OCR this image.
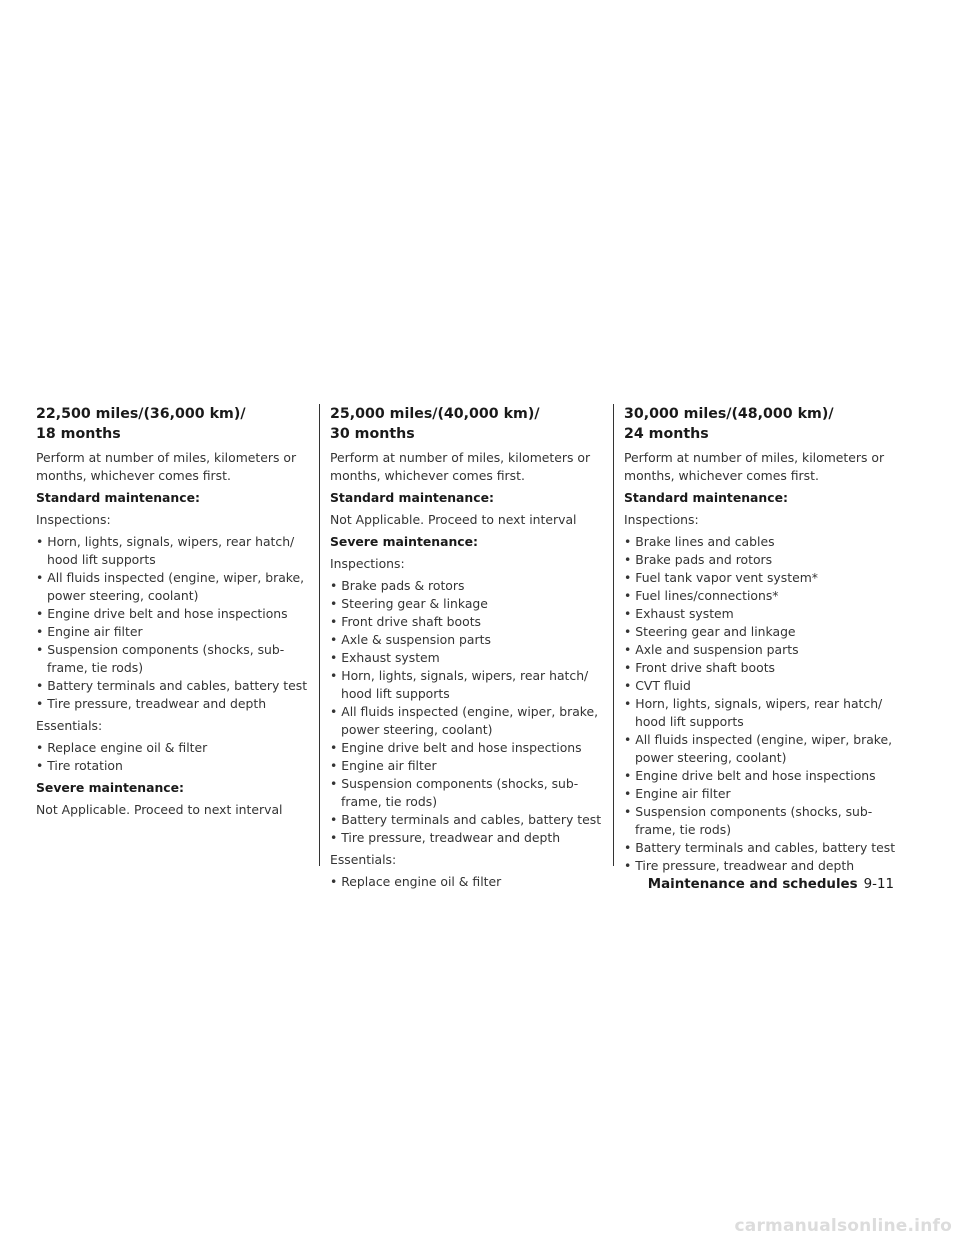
22,500 miles/(36,000 km)/
18 months

Perform at number of miles, kilometers or months, whichever comes first.

Standard maintenance:

Inspections:

• Horn, lights, signals, wipers, rear hatch/ hood lift supports
• All fluids inspected (engine, wiper, brake, power steering, coolant)
• Engine drive belt and hose inspections
• Engine air filter
• Suspension components (shocks, sub-frame, tie rods)
• Battery terminals and cables, battery test
• Tire pressure, treadwear and depth

Essentials:

• Replace engine oil & filter
• Tire rotation

Severe maintenance:

Not Applicable. Proceed to next interval

25,000 miles/(40,000 km)/
30 months

Perform at number of miles, kilometers or months, whichever comes first.

Standard maintenance:

Not Applicable. Proceed to next interval

Severe maintenance:

Inspections:

• Brake pads & rotors
• Steering gear & linkage
• Front drive shaft boots
• Axle & suspension parts
• Exhaust system
• Horn, lights, signals, wipers, rear hatch/ hood lift supports
• All fluids inspected (engine, wiper, brake, power steering, coolant)
• Engine drive belt and hose inspections
• Engine air filter
• Suspension components (shocks, sub-frame, tie rods)
• Battery terminals and cables, battery test
• Tire pressure, treadwear and depth

Essentials:

• Replace engine oil & filter
30,000 miles/(48,000 km)/
24 months

Perform at number of miles, kilometers or months, whichever comes first.

Standard maintenance:

Inspections:

• Brake lines and cables
• Brake pads and rotors
• Fuel tank vapor vent system*
• Fuel lines/connections*
• Exhaust system
• Steering gear and linkage
• Axle and suspension parts
• Front drive shaft boots
• CVT fluid
• Horn, lights, signals, wipers, rear hatch/ hood lift supports
• All fluids inspected (engine, wiper, brake, power steering, coolant)
• Engine drive belt and hose inspections
• Engine air filter
• Suspension components (shocks, sub-frame, tie rods)
• Battery terminals and cables, battery test
• Tire pressure, treadwear and depth
Maintenance and schedules 9-11
carmanualsonline.info
